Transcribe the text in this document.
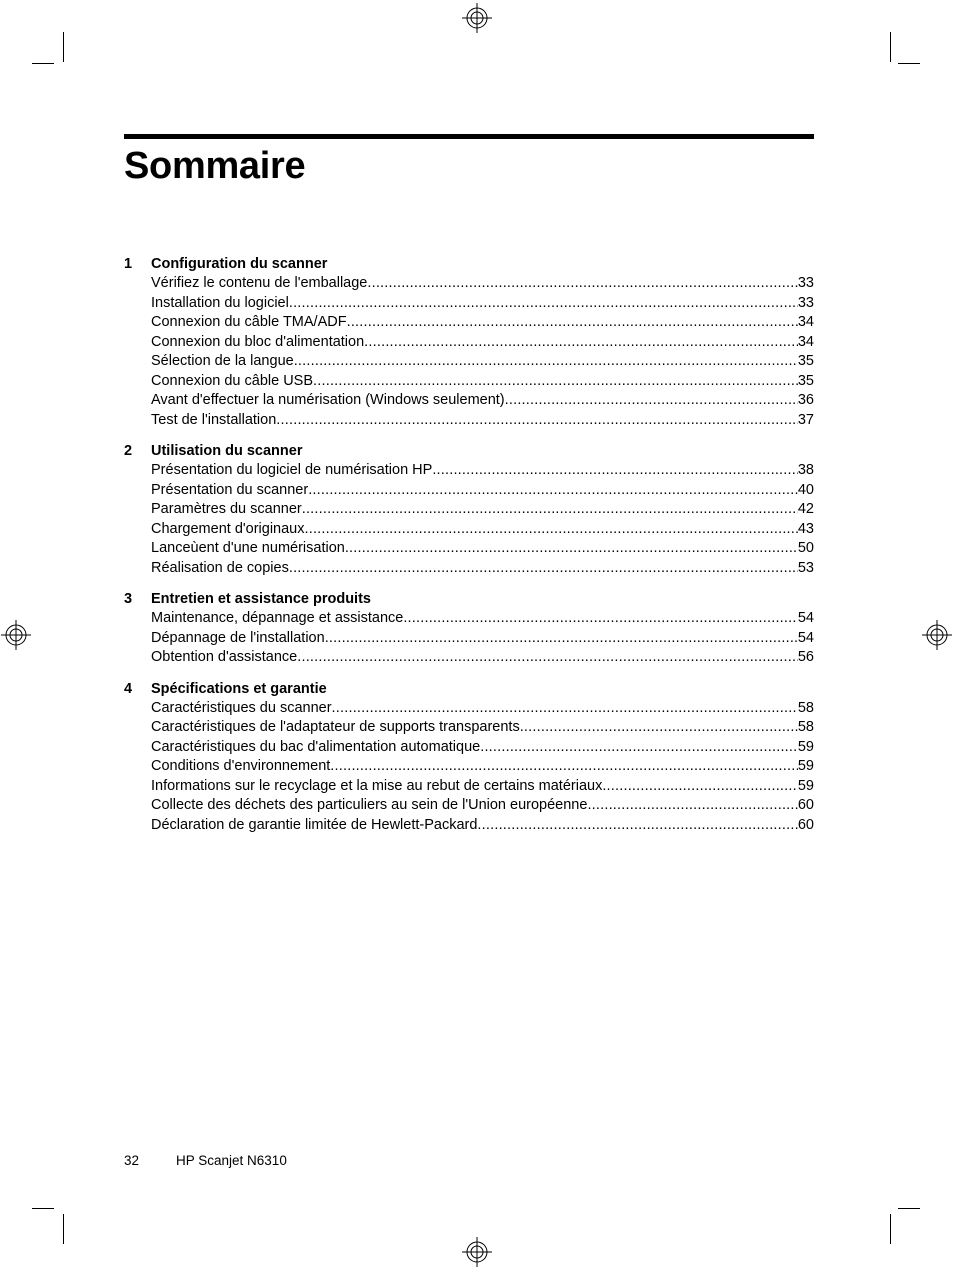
Sommaire
1	Configuration du scanner
Vérifiez le contenu de l'emballage .....	33
Installation du logiciel .....	33
Connexion du câble TMA/ADF .....	34
Connexion du bloc d'alimentation .....	34
Sélection de la langue .....	35
Connexion du câble USB .....	35
Avant d'effectuer la numérisation (Windows seulement) .....	36
Test de l'installation .....	37
2	Utilisation du scanner
Présentation du logiciel de numérisation HP .....	38
Présentation du scanner .....	40
Paramètres du scanner .....	42
Chargement d'originaux .....	43
Lanceùent d'une numérisation .....	50
Réalisation de copies .....	53
3	Entretien et assistance produits
Maintenance, dépannage et assistance .....	54
Dépannage de l'installation .....	54
Obtention d'assistance .....	56
4	Spécifications et garantie
Caractéristiques du scanner .....	58
Caractéristiques de l'adaptateur de supports transparents .....	58
Caractéristiques du bac d'alimentation automatique .....	59
Conditions d'environnement .....	59
Informations sur le recyclage et la mise au rebut de certains matériaux .....	59
Collecte des déchets des particuliers au sein de l'Union européenne .....	60
Déclaration de garantie limitée de Hewlett-Packard .....	60
32	HP Scanjet N6310
